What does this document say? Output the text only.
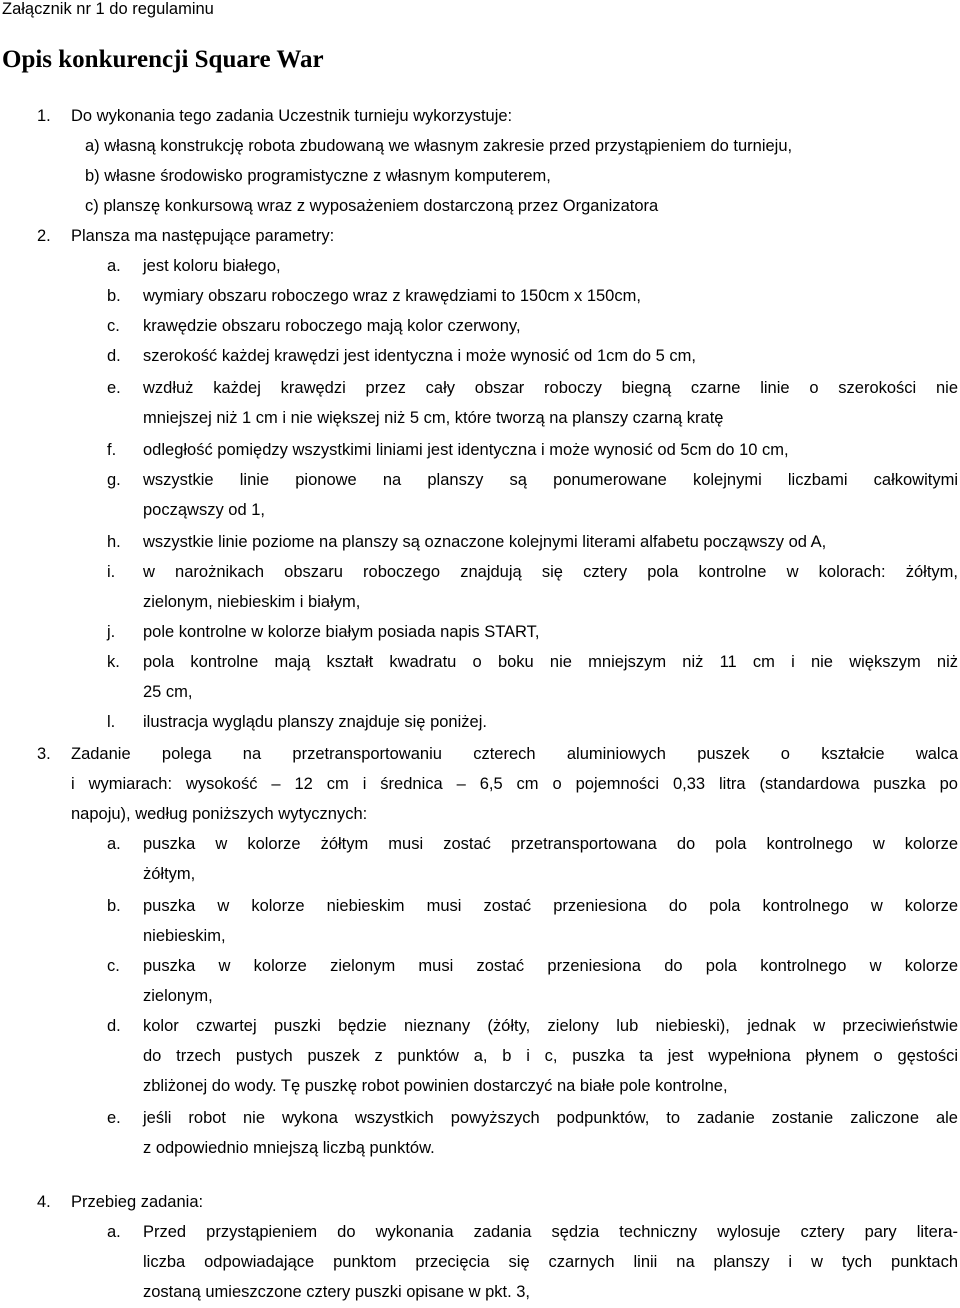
Załącznik nr 1 do regulaminu
Opis konkurencji Square War
1. Do wykonania tego zadania Uczestnik turnieju wykorzystuje:
a) własną konstrukcję robota zbudowaną we własnym zakresie przed przystąpieniem do turnieju,
b) własne środowisko programistyczne z własnym komputerem,
c) planszę konkursową wraz z wyposażeniem dostarczoną przez Organizatora
2. Plansza ma następujące parametry:
a. jest koloru białego,
b. wymiary obszaru roboczego wraz z krawędziami to 150cm x 150cm,
c. krawędzie obszaru roboczego mają kolor czerwony,
d. szerokość każdej krawędzi jest identyczna i może wynosić od 1cm do 5 cm,
e. wzdłuż każdej krawędzi przez cały obszar roboczy biegną czarne linie o szerokości nie
mniejszej niż 1 cm i nie większej niż 5 cm, które tworzą na planszy czarną kratę
f. odległość pomiędzy wszystkimi liniami jest identyczna i może wynosić od 5cm do 10 cm,
g. wszystkie linie pionowe na planszy są ponumerowane kolejnymi liczbami całkowitymi
począwszy od 1,
h. wszystkie linie poziome na planszy są oznaczone kolejnymi literami alfabetu począwszy od A,
i. w narożnikach obszaru roboczego znajdują się cztery pola kontrolne w kolorach: żółtym,
zielonym, niebieskim i białym,
j. pole kontrolne w kolorze białym posiada napis START,
k. pola kontrolne mają kształt kwadratu o boku nie mniejszym niż 11 cm i nie większym niż
25 cm,
l. ilustracja wyglądu planszy znajduje się poniżej.
3. Zadanie polega na przetransportowaniu czterech aluminiowych puszek o kształcie walca
i wymiarach: wysokość – 12 cm i średnica – 6,5 cm o pojemności 0,33 litra (standardowa puszka po
napoju), według poniższych wytycznych:
a. puszka w kolorze żółtym musi zostać przetransportowana do pola kontrolnego w kolorze
żółtym,
b. puszka w kolorze niebieskim musi zostać przeniesiona do pola kontrolnego w kolorze
niebieskim,
c. puszka w kolorze zielonym musi zostać przeniesiona do pola kontrolnego w kolorze
zielonym,
d. kolor czwartej puszki będzie nieznany (żółty, zielony lub niebieski), jednak w przeciwieństwie
do trzech pustych puszek z punktów a, b i c, puszka ta jest wypełniona płynem o gęstości
zbliżonej do wody. Tę puszkę robot powinien dostarczyć na białe pole kontrolne,
e. jeśli robot nie wykona wszystkich powyższych podpunktów, to zadanie zostanie zaliczone ale
z odpowiednio mniejszą liczbą punktów.
4. Przebieg zadania:
a. Przed przystąpieniem do wykonania zadania sędzia techniczny wylosuje cztery pary litera-
liczba odpowiadające punktom przecięcia się czarnych linii na planszy i w tych punktach
zostaną umieszczone cztery puszki opisane w pkt. 3,
